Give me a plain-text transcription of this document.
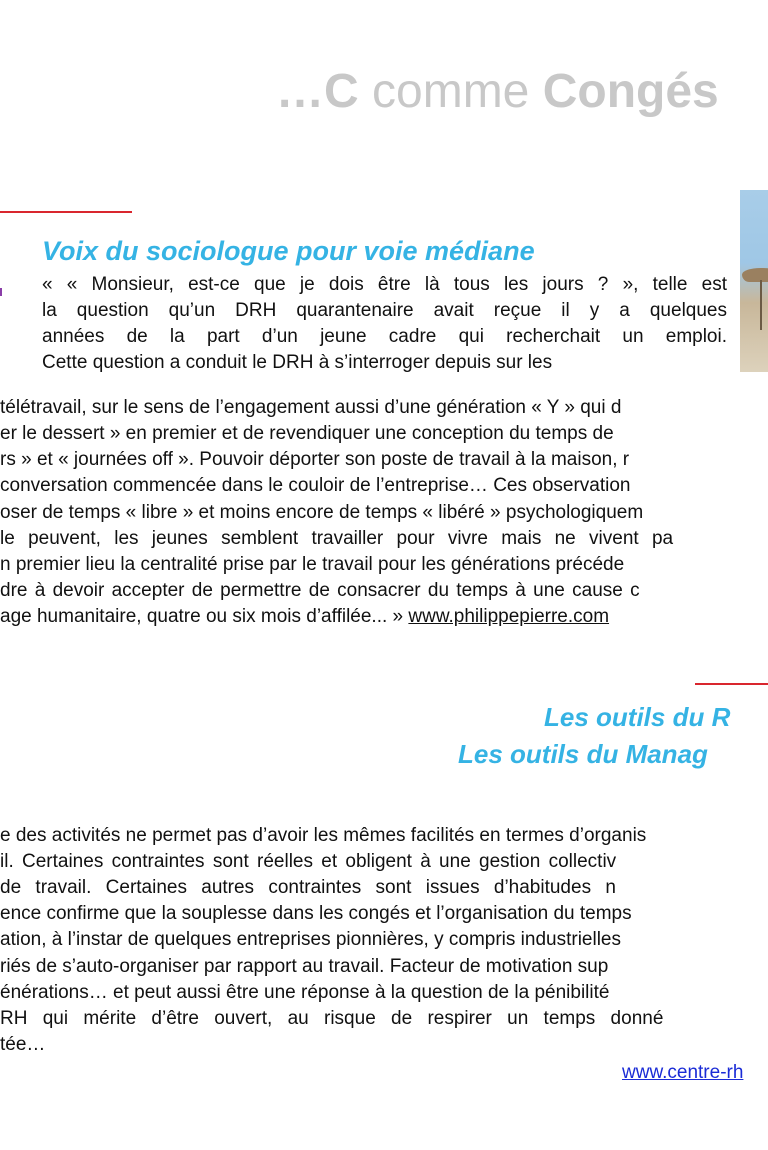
…C comme Congés
Voix du sociologue pour voie médiane
« « Monsieur, est-ce que je dois être là tous les jours ? », telle est
la question qu’un DRH quarantenaire avait reçue il y a quelques
années de la part d’un jeune cadre qui recherchait un emploi.
Cette question a conduit le DRH à s’interroger depuis sur les
télétravail, sur le sens de l’engagement aussi d’une génération « Y » qui d
er le dessert » en premier et de revendiquer une conception du temps de
rs » et « journées off ». Pouvoir déporter son poste de travail à la maison, r
conversation commencée dans le couloir de l’entreprise… Ces observation
oser de temps « libre » et moins encore de temps « libéré » psychologiquem
le peuvent, les jeunes semblent travailler pour vivre mais ne vivent pa
n premier lieu la centralité prise par le travail pour les générations précéde
dre à devoir accepter de permettre de consacrer du temps à une cause c
age humanitaire, quatre ou six mois d’affilée... » www.philippepierre.com
Les outils du R
Les outils du Manag
e des activités ne permet pas d’avoir les mêmes facilités en termes d’organis
il. Certaines contraintes sont réelles et obligent à une gestion collectiv
de travail. Certaines autres contraintes sont issues d’habitudes n
ence confirme que la souplesse dans les congés et l’organisation du temps
ation, à l’instar de quelques entreprises pionnières, y compris industrielles
riés de s’auto-organiser par rapport au travail. Facteur de motivation sup
énérations… et peut aussi être une réponse à la question de la pénibilité
RH qui mérite d’être ouvert, au risque de respirer un temps donné
tée…
www.centre-rh
